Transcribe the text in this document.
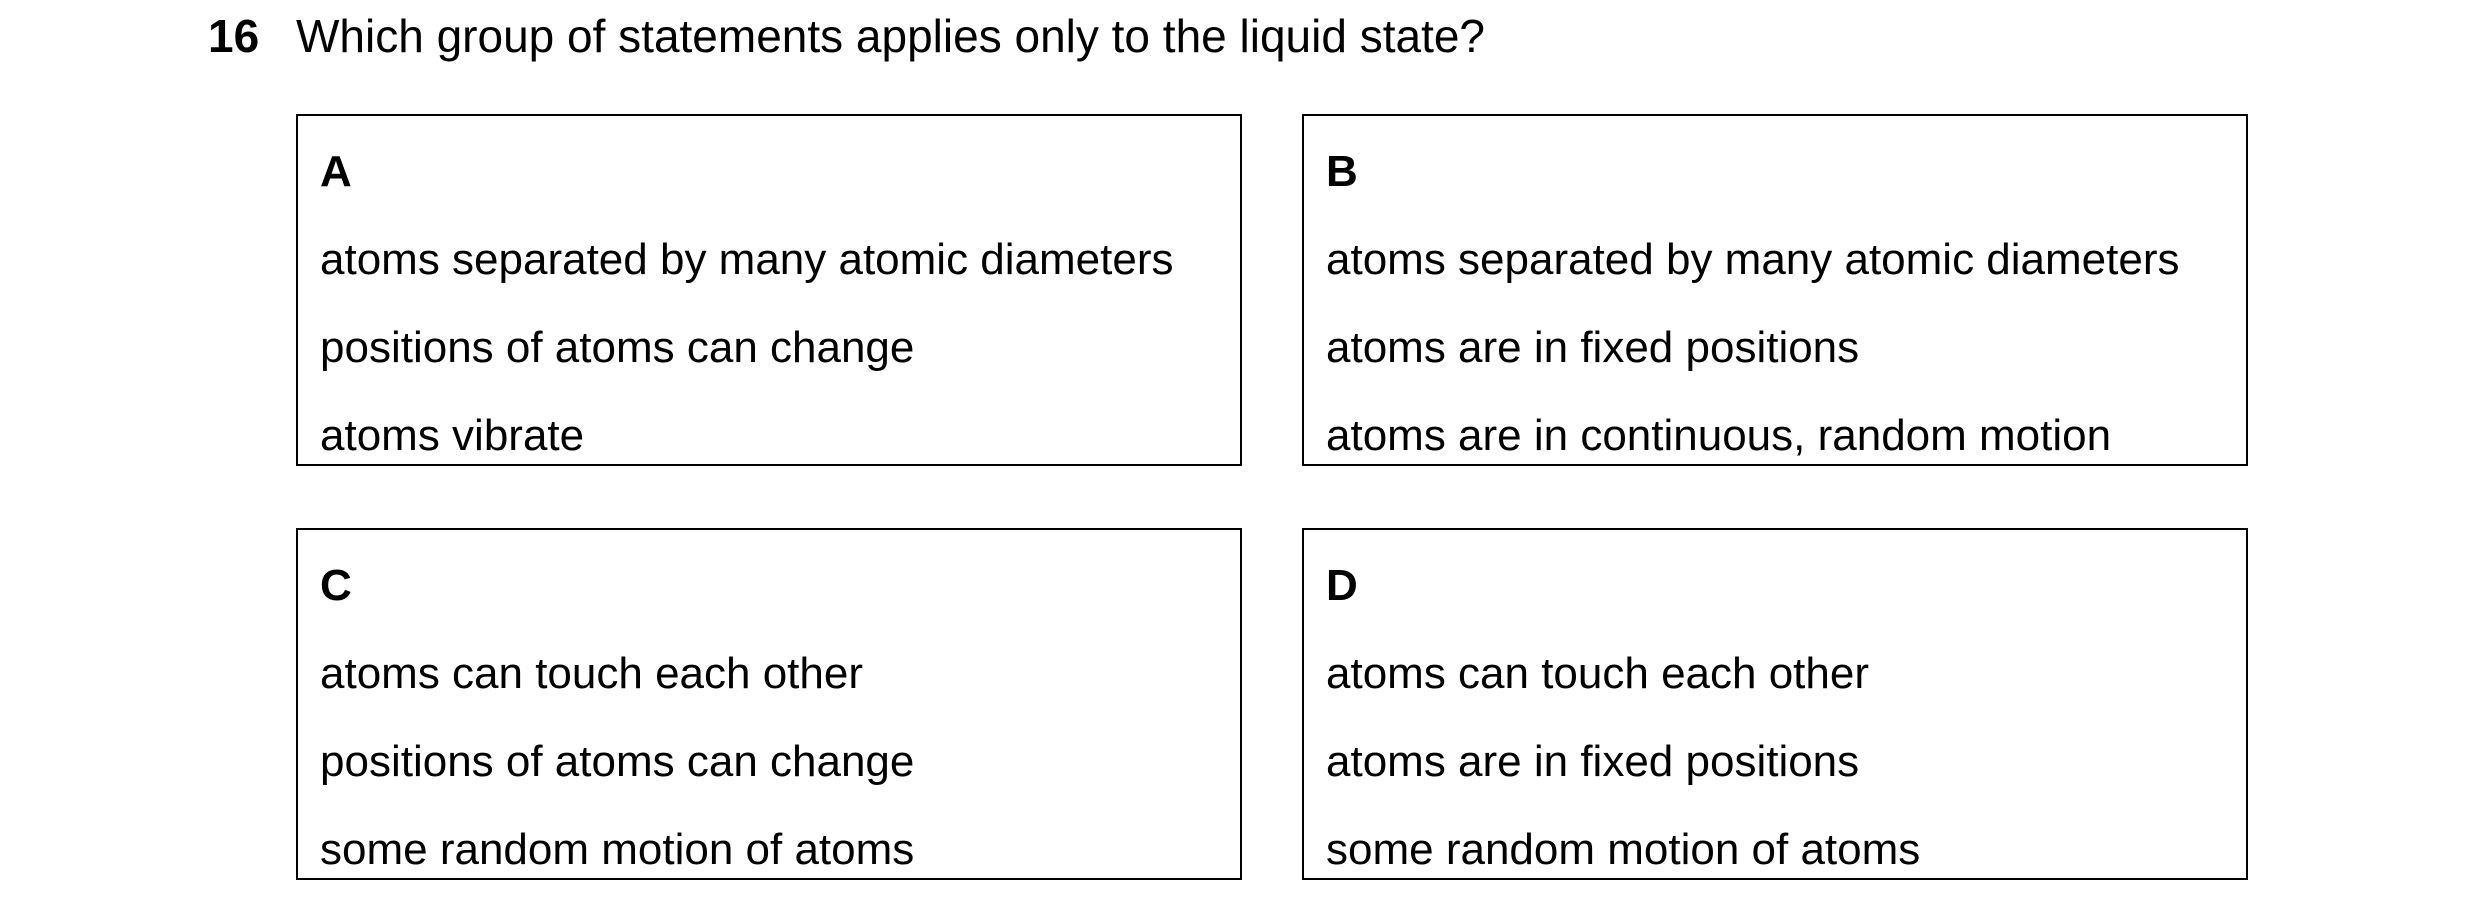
16 Which group of statements applies only to the liquid state?
A
atoms separated by many atomic diameters
positions of atoms can change
atoms vibrate
B
atoms separated by many atomic diameters
atoms are in fixed positions
atoms are in continuous, random motion
C
atoms can touch each other
positions of atoms can change
some random motion of atoms
D
atoms can touch each other
atoms are in fixed positions
some random motion of atoms
